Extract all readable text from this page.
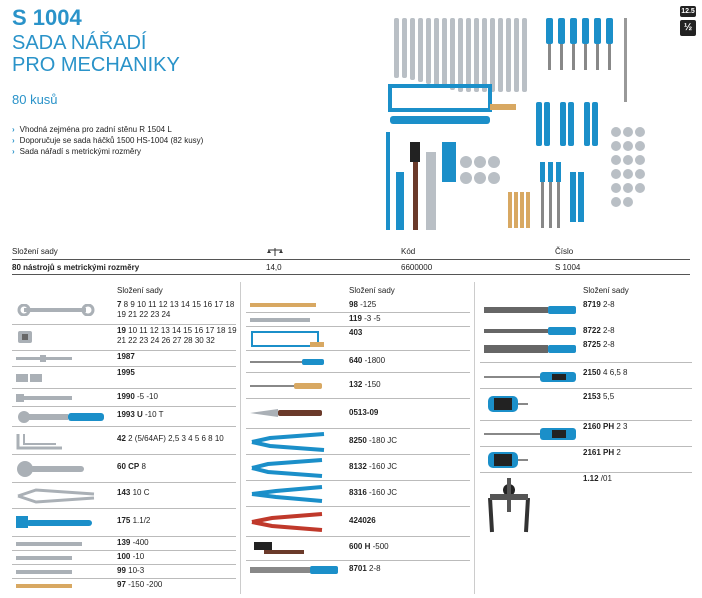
S 1004
SADA NÁŘADÍ
PRO MECHANIKY
80 kusů
› Vhodná zejména pro zadní stěnu R 1504 L
› Doporučuje se sada háčků 1500 HS-1004 (82 kusy)
› Sada nářadí s metrickými rozměry
12.5
½
Složení sady	Kód	Číslo
80 nástrojů s metrickými rozměry	14,0	6600000	S 1004
Složení sady	Složení sady	Složení sady
7 8 9 10 11 12 13 14 15 16 17 18
19 21 22 23 24
19 10 11 12 13 14 15 16 17 18 19
21 22 23 24 26 27 28 30 32
1987
1995
1990 -5 -10
1993 U -10 T
42 2 (5/64AF) 2,5 3 4 5 6 8 10
60 CP 8
143 10 C
175 1.1/2
139 -400
100 -10
99 10-3
97 -150 -200
98 -125
119 -3 -5
403
640 -1800
132 -150
0513-09
8250 -180 JC
8132 -160 JC
8316 -160 JC
424026
600 H -500
8701 2-8
8719 2-8
8722 2-8
8725 2-8
2150 4 6,5 8
2153 5,5
2160 PH 2 3
2161 PH 2
1.12 /01
